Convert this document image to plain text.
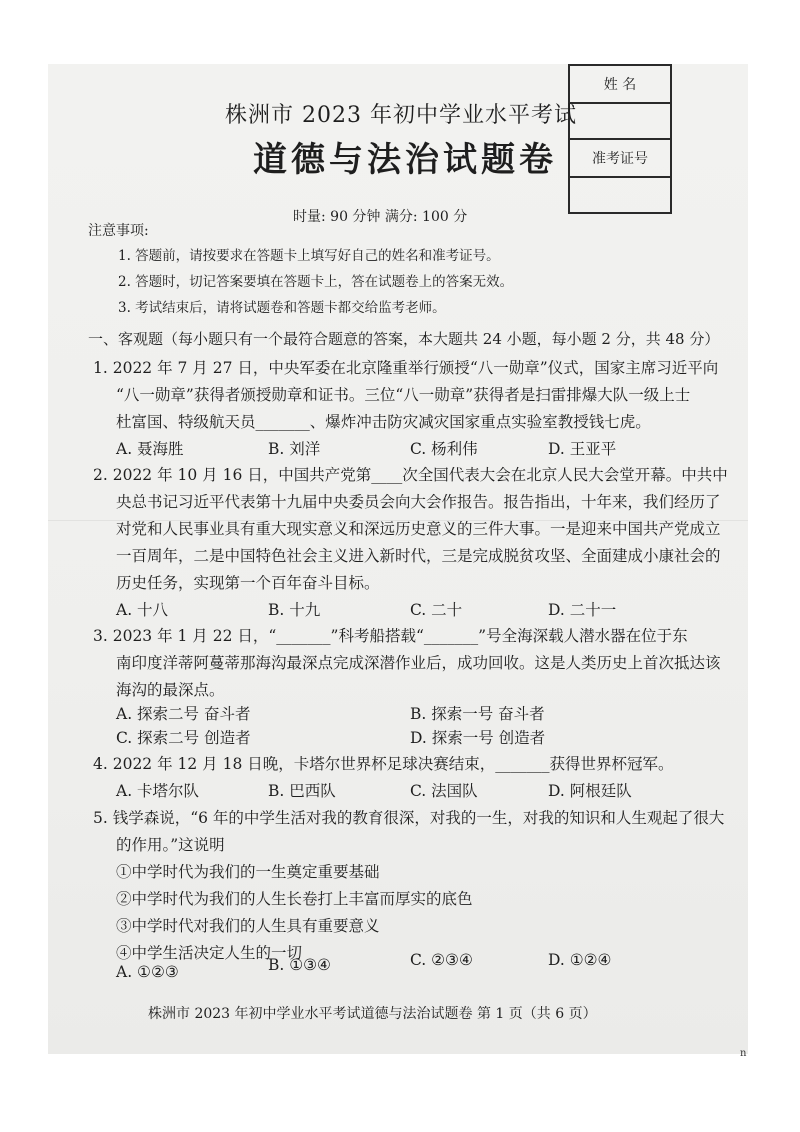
姓 名
准考证号
株洲市 2023 年初中学业水平考试
道德与法治试题卷
时量: 90 分钟 满分: 100 分
注意事项:
1. 答题前，请按要求在答题卡上填写好自己的姓名和准考证号。
2. 答题时，切记答案要填在答题卡上，答在试题卷上的答案无效。
3. 考试结束后，请将试题卷和答题卡都交给监考老师。
一、客观题（每小题只有一个最符合题意的答案，本大题共 24 小题，每小题 2 分，共 48 分）
1. 2022 年 7 月 27 日，中央军委在北京隆重举行颁授“八一勋章”仪式，国家主席习近平向
“八一勋章”获得者颁授勋章和证书。三位“八一勋章”获得者是扫雷排爆大队一级上士
杜富国、特级航天员_______、爆炸冲击防灾减灾国家重点实验室教授钱七虎。
A. 聂海胜	B. 刘洋	C. 杨利伟	D. 王亚平
2. 2022 年 10 月 16 日，中国共产党第____次全国代表大会在北京人民大会堂开幕。中共中
央总书记习近平代表第十九届中央委员会向大会作报告。报告指出，十年来，我们经历了
对党和人民事业具有重大现实意义和深远历史意义的三件大事。一是迎来中国共产党成立
一百周年，二是中国特色社会主义进入新时代，三是完成脱贫攻坚、全面建成小康社会的
历史任务，实现第一个百年奋斗目标。
A. 十八	B. 十九	C. 二十	D. 二十一
3. 2023 年 1 月 22 日，“_______”科考船搭载“_______”号全海深载人潜水器在位于东
南印度洋蒂阿蔓蒂那海沟最深点完成深潜作业后，成功回收。这是人类历史上首次抵达该
海沟的最深点。
A. 探索二号 奋斗者	B. 探索一号 奋斗者
C. 探索二号 创造者	D. 探索一号 创造者
4. 2022 年 12 月 18 日晚，卡塔尔世界杯足球决赛结束，_______获得世界杯冠军。
A. 卡塔尔队	B. 巴西队	C. 法国队	D. 阿根廷队
5. 钱学森说，“6 年的中学生活对我的教育很深，对我的一生，对我的知识和人生观起了很大
的作用。”这说明
①中学时代为我们的一生奠定重要基础
②中学时代为我们的人生长卷打上丰富而厚实的底色
③中学时代对我们的人生具有重要意义
④中学生活决定人生的一切
A. ①②③	B. ①③④	C. ②③④	D. ①②④
株洲市 2023 年初中学业水平考试道德与法治试题卷 第 1 页（共 6 页）
n
